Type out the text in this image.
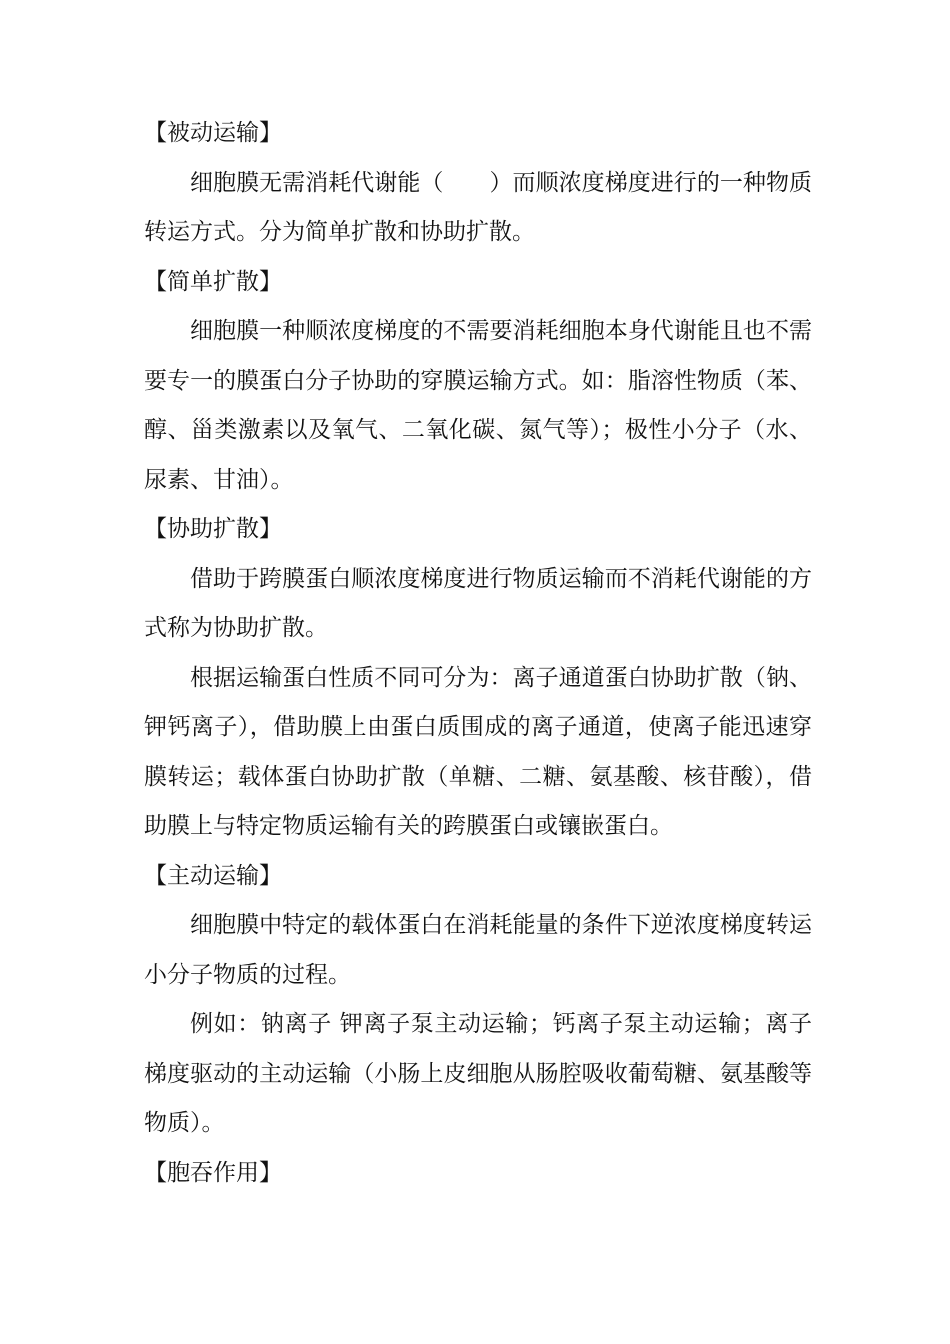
【被动运输】

细胞膜无需消耗代谢能（　　）而顺浓度梯度进行的一种物质转运方式。分为简单扩散和协助扩散。

【简单扩散】

细胞膜一种顺浓度梯度的不需要消耗细胞本身代谢能且也不需要专一的膜蛋白分子协助的穿膜运输方式。如：脂溶性物质（苯、醇、甾类激素以及氧气、二氧化碳、氮气等）；极性小分子（水、尿素、甘油）。

【协助扩散】

借助于跨膜蛋白顺浓度梯度进行物质运输而不消耗代谢能的方式称为协助扩散。

根据运输蛋白性质不同可分为：离子通道蛋白协助扩散（钠、钾钙离子），借助膜上由蛋白质围成的离子通道，使离子能迅速穿膜转运；载体蛋白协助扩散（单糖、二糖、氨基酸、核苷酸），借助膜上与特定物质运输有关的跨膜蛋白或镶嵌蛋白。

【主动运输】

细胞膜中特定的载体蛋白在消耗能量的条件下逆浓度梯度转运小分子物质的过程。

例如：钠离子 钾离子泵主动运输；钙离子泵主动运输；离子梯度驱动的主动运输（小肠上皮细胞从肠腔吸收葡萄糖、氨基酸等物质）。

【胞吞作用】
